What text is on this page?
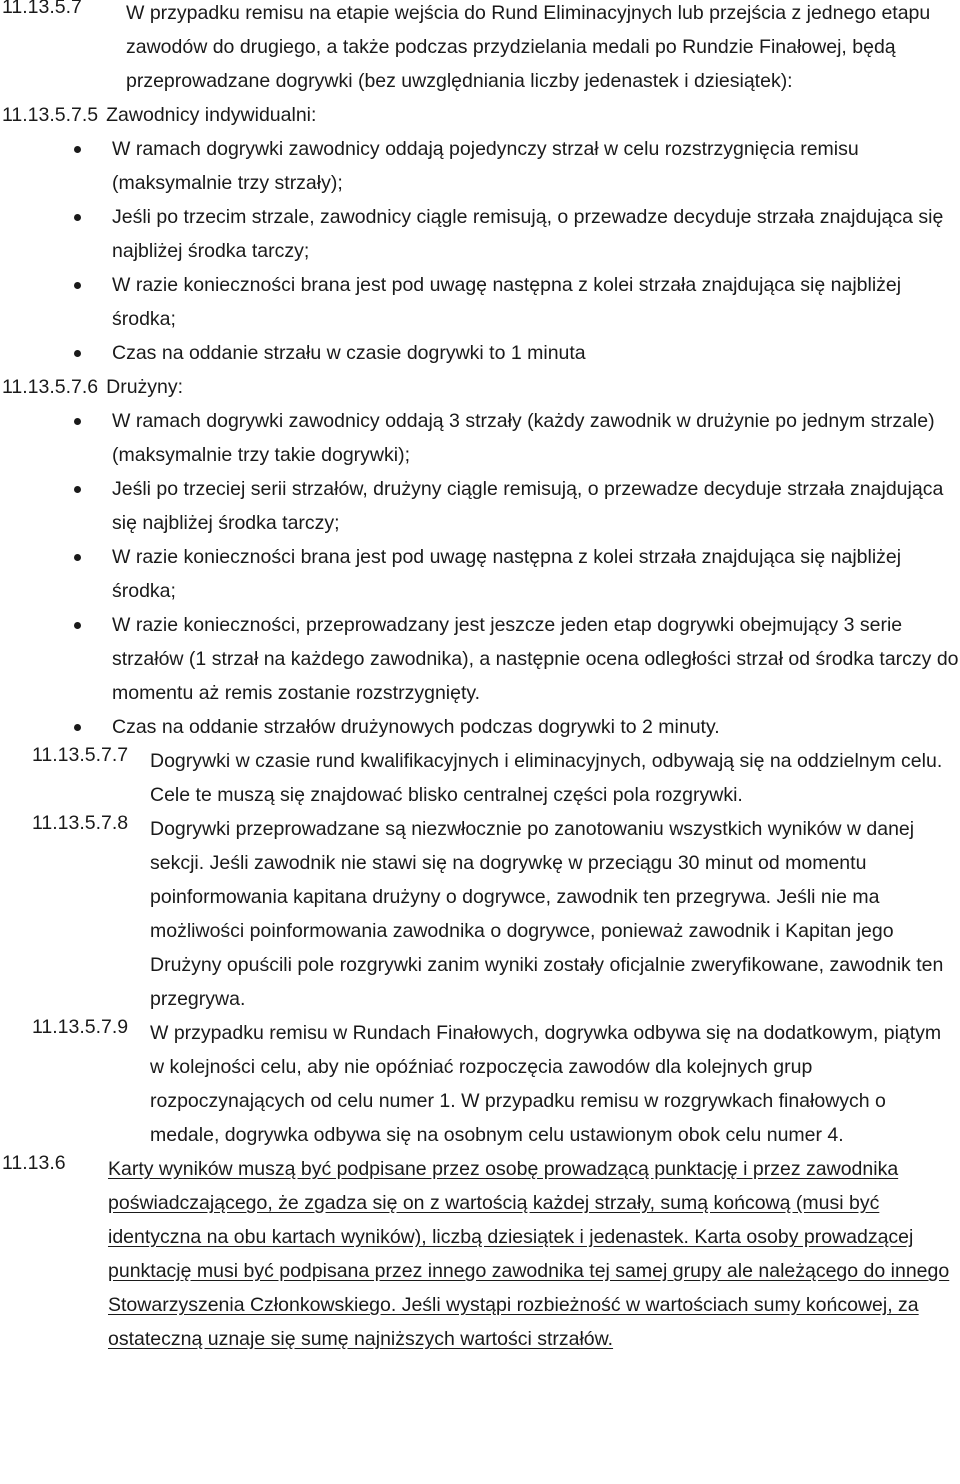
11.13.5.7	W przypadku remisu na etapie wejścia do Rund Eliminacyjnych lub przejścia z jednego etapu zawodów do drugiego, a także podczas przydzielania medali po Rundzie Finałowej, będą przeprowadzane dogrywki (bez uwzględniania liczby jedenastek i dziesiątek):

11.13.5.7.5 Zawodnicy indywidualni:

W ramach dogrywki zawodnicy oddają pojedynczy strzał w celu rozstrzygnięcia remisu (maksymalnie trzy strzały);
Jeśli po trzecim strzale, zawodnicy ciągle remisują, o przewadze decyduje strzała znajdująca się najbliżej środka tarczy;
W razie konieczności brana jest pod uwagę następna z kolei strzała znajdująca się najbliżej środka;
Czas na oddanie strzału w czasie dogrywki to 1 minuta

11.13.5.7.6 Drużyny:

W ramach dogrywki zawodnicy oddają 3 strzały (każdy zawodnik w drużynie po jednym strzale) (maksymalnie trzy takie dogrywki);
Jeśli po trzeciej serii strzałów, drużyny ciągle remisują, o przewadze decyduje strzała znajdująca się najbliżej środka tarczy;
W razie konieczności brana jest pod uwagę następna z kolei strzała znajdująca się najbliżej środka;
W razie konieczności, przeprowadzany jest jeszcze jeden etap dogrywki obejmujący 3 serie strzałów (1 strzał na każdego zawodnika), a następnie ocena odległości strzał od środka tarczy do momentu aż remis zostanie rozstrzygnięty.
Czas na oddanie strzałów drużynowych podczas dogrywki to 2 minuty.
11.13.5.7.7	Dogrywki w czasie rund kwalifikacyjnych i eliminacyjnych, odbywają się na oddzielnym celu. Cele te muszą się znajdować blisko centralnej części pola rozgrywki.

11.13.5.7.8	Dogrywki przeprowadzane są niezwłocznie po zanotowaniu wszystkich wyników w danej sekcji. Jeśli zawodnik nie stawi się na dogrywkę w przeciągu 30 minut od momentu poinformowania kapitana drużyny o dogrywce, zawodnik ten przegrywa. Jeśli nie ma możliwości poinformowania zawodnika o dogrywce, ponieważ zawodnik i Kapitan jego Drużyny opuścili pole rozgrywki zanim wyniki zostały oficjalnie zweryfikowane, zawodnik ten przegrywa.

11.13.5.7.9	W przypadku remisu w Rundach Finałowych, dogrywka odbywa się na dodatkowym, piątym w kolejności celu, aby nie opóźniać rozpoczęcia zawodów dla kolejnych grup rozpoczynających od celu numer 1. W przypadku remisu w rozgrywkach finałowych o medale, dogrywka odbywa się na osobnym celu ustawionym obok celu numer 4.

11.13.6	Karty wyników muszą być podpisane przez osobę prowadzącą punktację i przez zawodnika poświadczającego, że zgadza się on z wartością każdej strzały, sumą końcową (musi być identyczna na obu kartach wyników), liczbą dziesiątek i jedenastek. Karta osoby prowadzącej punktację musi być podpisana przez innego zawodnika tej samej grupy ale należącego do innego Stowarzyszenia Członkowskiego. Jeśli wystąpi rozbieżność w wartościach sumy końcowej, za ostateczną uznaje się sumę najniższych wartości strzałów.
